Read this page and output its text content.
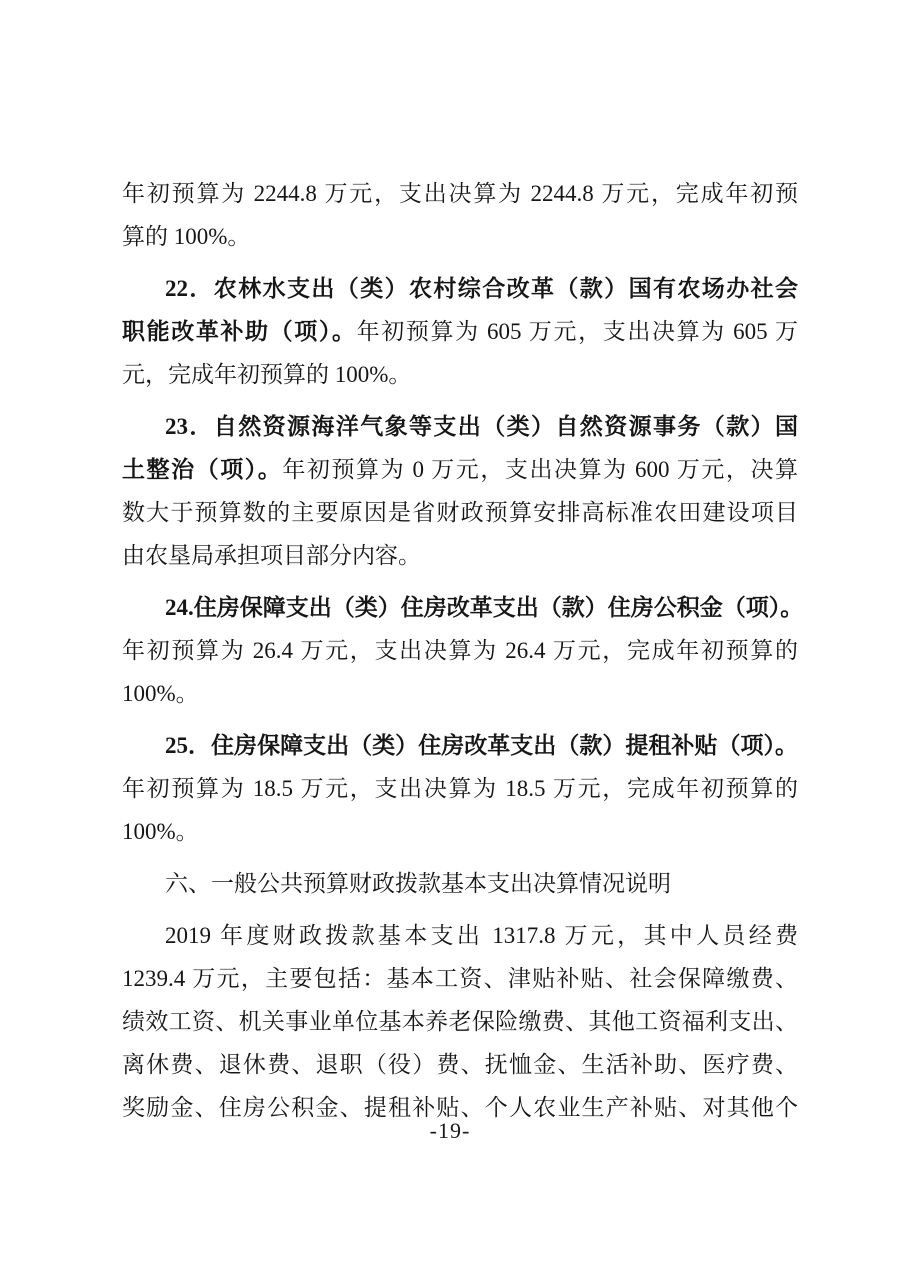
年初预算为 2244.8 万元，支出决算为 2244.8 万元，完成年初预
算的 100%。

22．农林水支出（类）农村综合改革（款）国有农场办社会
职能改革补助（项）。年初预算为 605 万元，支出决算为 605 万
元，完成年初预算的 100%。

23．自然资源海洋气象等支出（类）自然资源事务（款）国
土整治（项）。年初预算为 0 万元，支出决算为 600 万元，决算
数大于预算数的主要原因是省财政预算安排高标准农田建设项目
由农垦局承担项目部分内容。

24.住房保障支出（类）住房改革支出（款）住房公积金（项）。
年初预算为 26.4 万元，支出决算为 26.4 万元，完成年初预算的
100%。

25．住房保障支出（类）住房改革支出（款）提租补贴（项）。
年初预算为 18.5 万元，支出决算为 18.5 万元，完成年初预算的
100%。

六、一般公共预算财政拨款基本支出决算情况说明

2019 年度财政拨款基本支出 1317.8 万元，其中人员经费
1239.4 万元，主要包括：基本工资、津贴补贴、社会保障缴费、
绩效工资、机关事业单位基本养老保险缴费、其他工资福利支出、
离休费、退休费、退职（役）费、抚恤金、生活补助、医疗费、
奖励金、住房公积金、提租补贴、个人农业生产补贴、对其他个

-19-
